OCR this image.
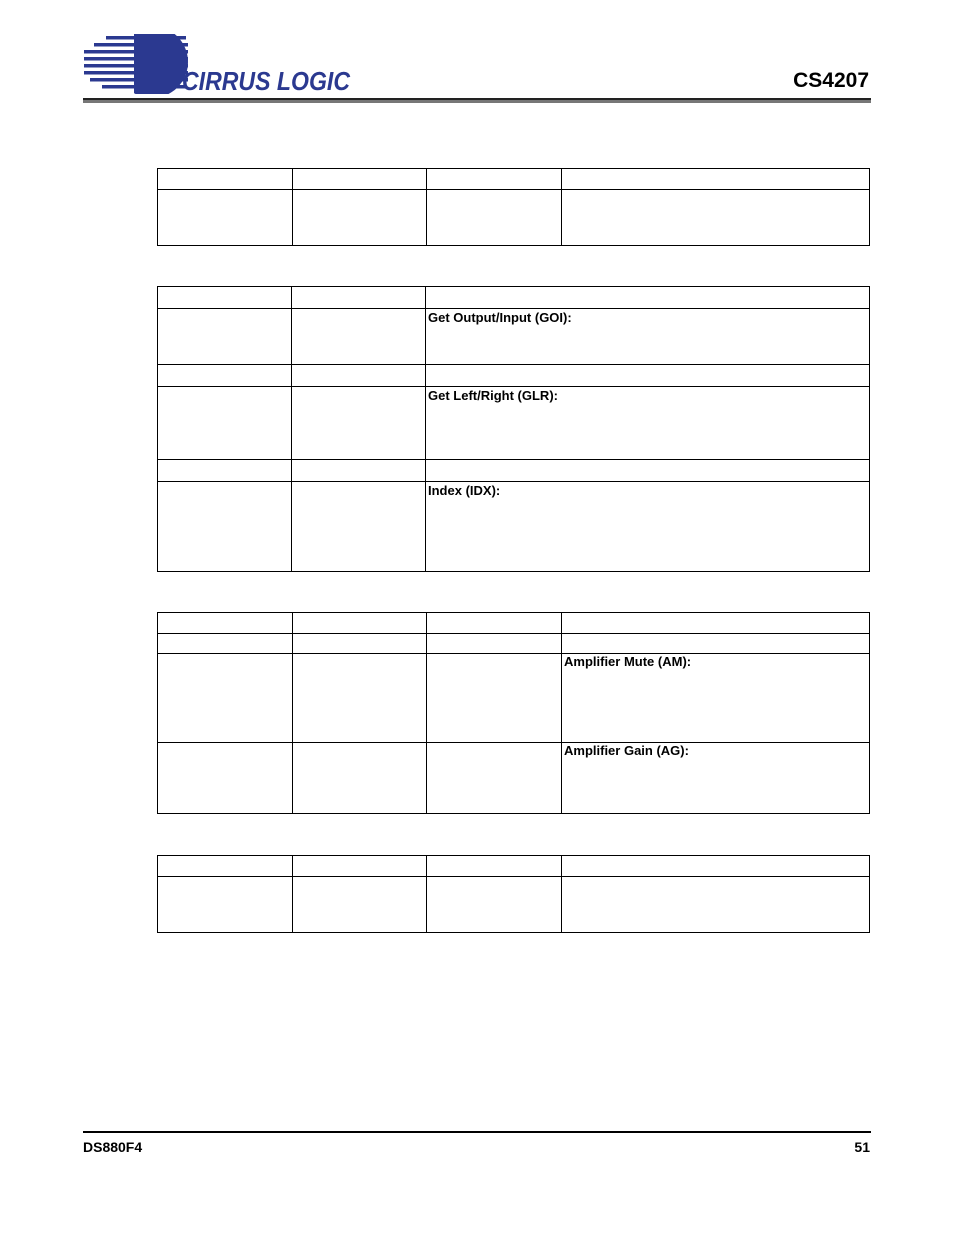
CIRRUS LOGIC	CS4207

		Get Output/Input (GOI):

		Get Left/Right (GLR):

		Index (IDX):

			Amplifier Mute (AM):

			Amplifier Gain (AG):

DS880F4	51
